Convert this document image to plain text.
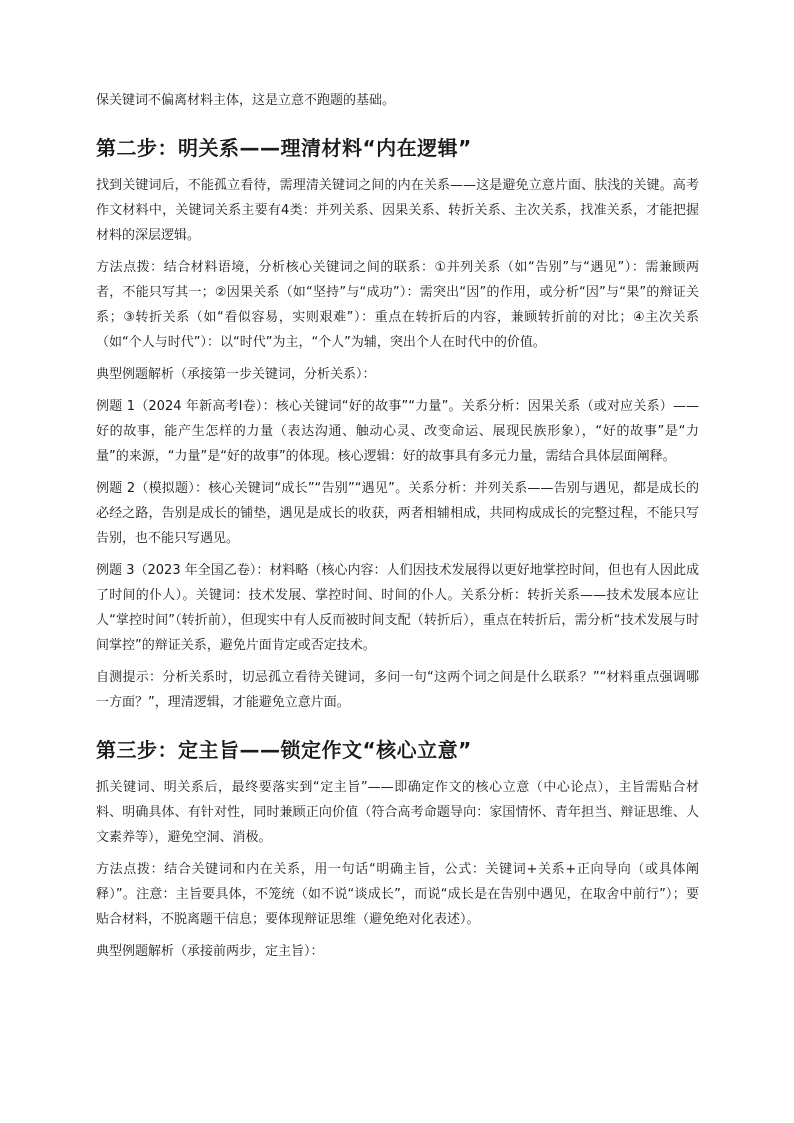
保关键词不偏离材料主体，这是立意不跑题的基础。

第二步：明关系——理清材料“内在逻辑”

找到关键词后，不能孤立看待，需理清关键词之间的内在关系——这是避免立意片面、肤浅的关键。高考作文材料中，关键词关系主要有4类：并列关系、因果关系、转折关系、主次关系，找准关系，才能把握材料的深层逻辑。

方法点拨：结合材料语境，分析核心关键词之间的联系：①并列关系（如“告别”与“遇见”）：需兼顾两者，不能只写其一；②因果关系（如“坚持”与“成功”）：需突出“因”的作用，或分析“因”与“果”的辩证关系；③转折关系（如“看似容易，实则艰难”）：重点在转折后的内容，兼顾转折前的对比；④主次关系（如“个人与时代”）：以“时代”为主，“个人”为辅，突出个人在时代中的价值。

典型例题解析（承接第一步关键词，分析关系）：

例题 1（2024 年新高考Ⅰ卷）：核心关键词“好的故事”“力量”。关系分析：因果关系（或对应关系）——好的故事，能产生怎样的力量（表达沟通、触动心灵、改变命运、展现民族形象），“好的故事”是“力量”的来源，“力量”是“好的故事”的体现。核心逻辑：好的故事具有多元力量，需结合具体层面阐释。

例题 2（模拟题）：核心关键词“成长”“告别”“遇见”。关系分析：并列关系——告别与遇见，都是成长的必经之路，告别是成长的铺垫，遇见是成长的收获，两者相辅相成，共同构成成长的完整过程，不能只写告别，也不能只写遇见。

例题 3（2023 年全国乙卷）：材料略（核心内容：人们因技术发展得以更好地掌控时间，但也有人因此成了时间的仆人）。关键词：技术发展、掌控时间、时间的仆人。关系分析：转折关系——技术发展本应让人“掌控时间”（转折前），但现实中有人反而被时间支配（转折后），重点在转折后，需分析“技术发展与时间掌控”的辩证关系，避免片面肯定或否定技术。

自测提示：分析关系时，切忌孤立看待关键词，多问一句“这两个词之间是什么联系？”“材料重点强调哪一方面？”，理清逻辑，才能避免立意片面。

第三步：定主旨——锁定作文“核心立意”

抓关键词、明关系后，最终要落实到“定主旨”——即确定作文的核心立意（中心论点），主旨需贴合材料、明确具体、有针对性，同时兼顾正向价值（符合高考命题导向：家国情怀、青年担当、辩证思维、人文素养等），避免空洞、消极。

方法点拨：结合关键词和内在关系，用一句话“明确主旨，公式：关键词+关系+正向导向（或具体阐释）”。注意：主旨要具体，不笼统（如不说“谈成长”，而说“成长是在告别中遇见，在取舍中前行”）；要贴合材料，不脱离题干信息；要体现辩证思维（避免绝对化表述）。

典型例题解析（承接前两步，定主旨）：
